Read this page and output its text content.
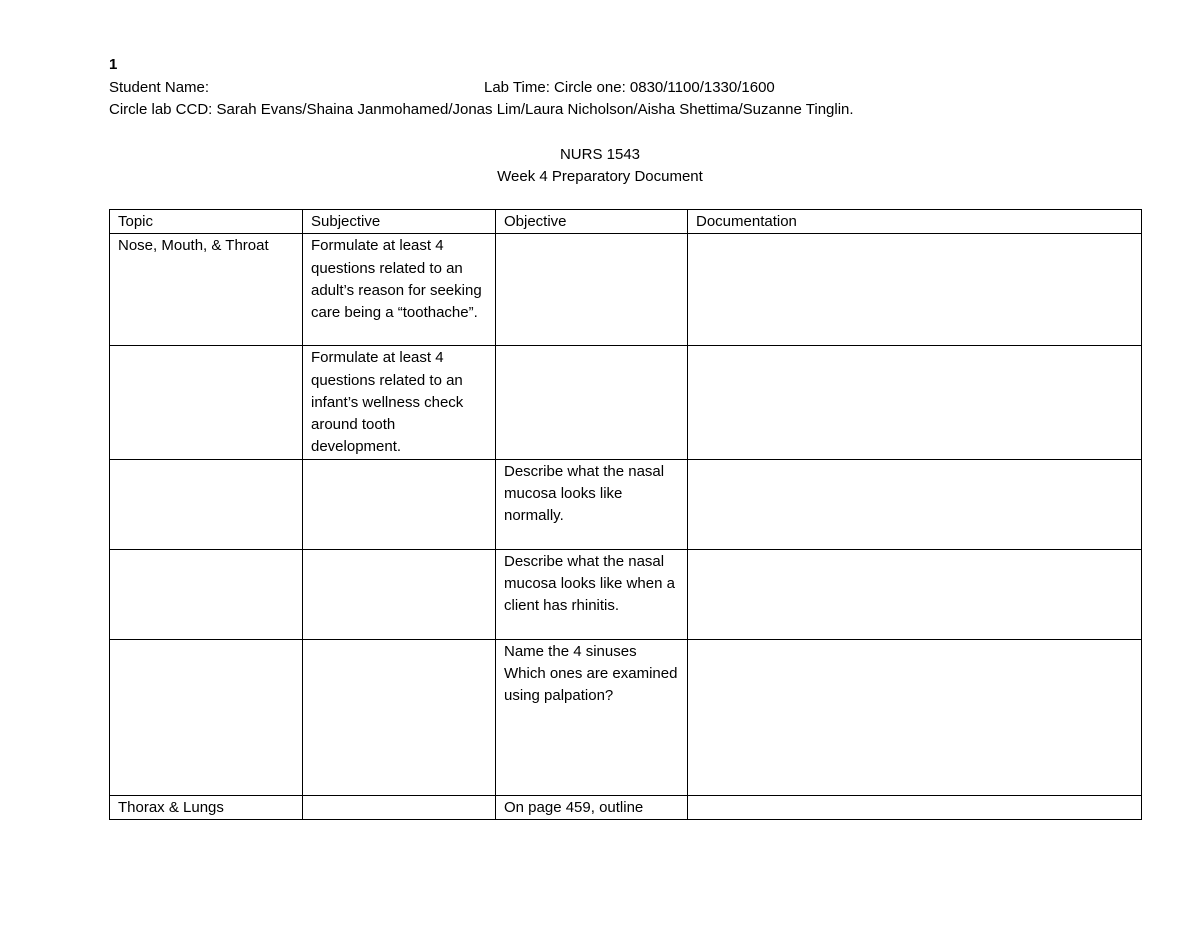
1
Student Name:	Lab Time: Circle one: 0830/1100/1330/1600
Circle lab CCD: Sarah Evans/Shaina Janmohamed/Jonas Lim/Laura Nicholson/Aisha Shettima/Suzanne Tinglin.
NURS 1543
Week 4 Preparatory Document
Topic	Subjective	Objective	Documentation
Nose, Mouth, & Throat	Formulate at least 4 questions related to an adult’s reason for seeking care being a “toothache”.		
	Formulate at least 4 questions related to an infant’s wellness check around tooth development.		
		Describe what the nasal mucosa looks like normally.	
		Describe what the nasal mucosa looks like when a client has rhinitis.	
		Name the 4 sinuses Which ones are examined using palpation?	
Thorax & Lungs		On page 459, outline	
